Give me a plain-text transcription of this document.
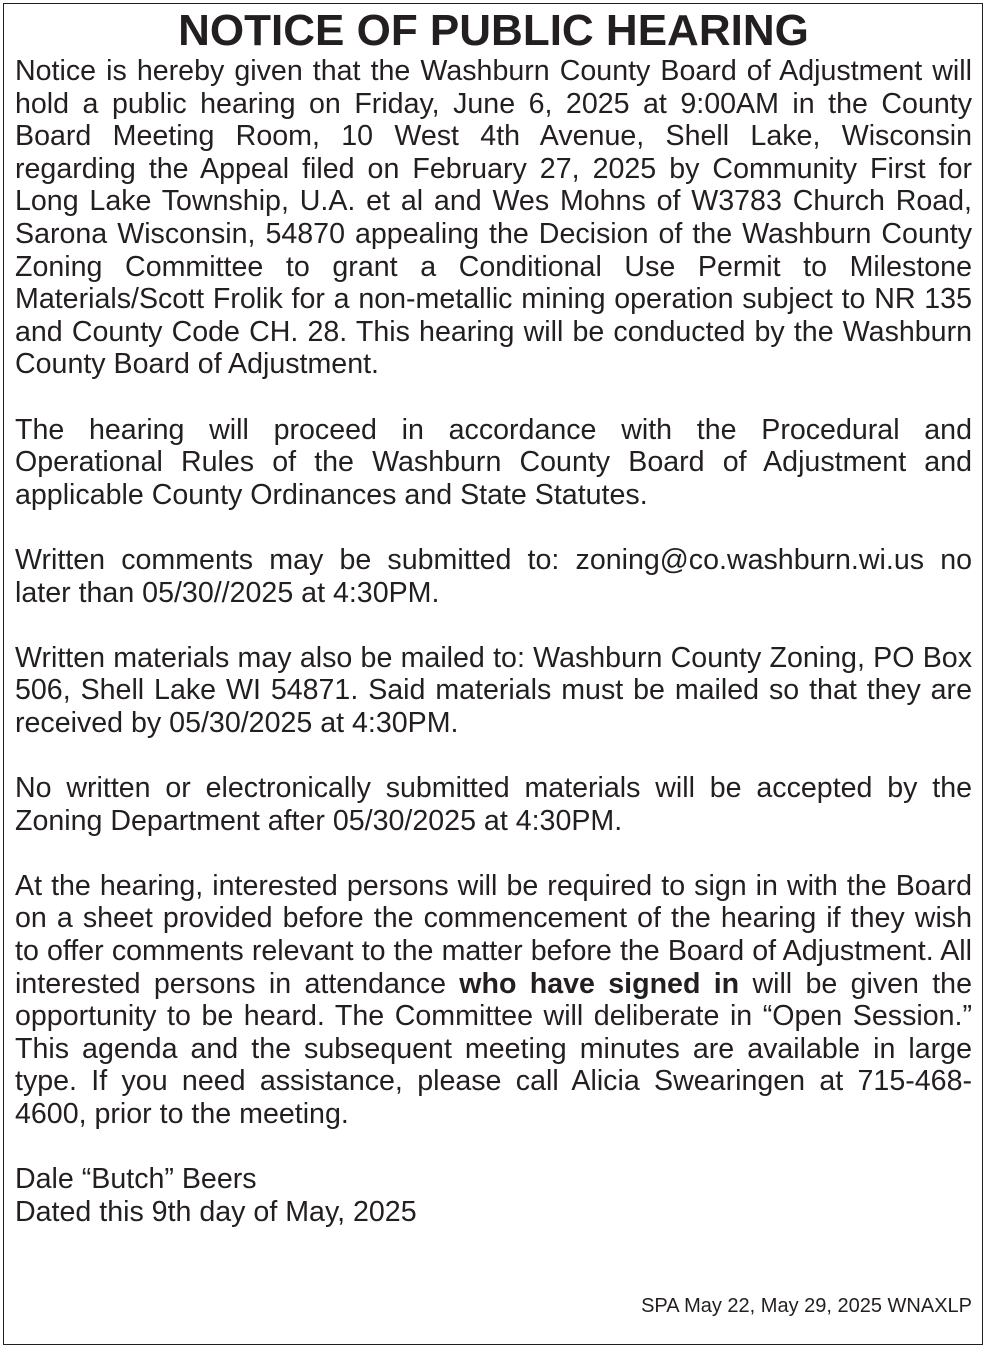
NOTICE OF PUBLIC HEARING

Notice is hereby given that the Washburn County Board of Adjustment will hold a public hearing on Friday, June 6, 2025 at 9:00AM in the County Board Meeting Room, 10 West 4th Avenue, Shell Lake, Wisconsin regarding the Appeal filed on February 27, 2025 by Community First for Long Lake Township, U.A. et al and Wes Mohns of W3783 Church Road, Sarona Wisconsin, 54870 appealing the Decision of the Washburn County Zoning Committee to grant a Conditional Use Permit to Milestone Materials/Scott Frolik for a non-metallic mining operation subject to NR 135 and County Code CH. 28. This hearing will be conducted by the Washburn County Board of Adjustment.

The hearing will proceed in accordance with the Procedural and Operational Rules of the Washburn County Board of Adjustment and applicable County Ordinances and State Statutes.

Written comments may be submitted to: zoning@co.washburn.wi.us no later than 05/30//2025 at 4:30PM.

Written materials may also be mailed to: Washburn County Zoning, PO Box 506, Shell Lake WI 54871. Said materials must be mailed so that they are received by 05/30/2025 at 4:30PM.

No written or electronically submitted materials will be accepted by the Zoning Department after 05/30/2025 at 4:30PM.

At the hearing, interested persons will be required to sign in with the Board on a sheet provided before the commencement of the hearing if they wish to offer comments relevant to the matter before the Board of Adjustment. All interested persons in attendance who have signed in will be given the opportunity to be heard. The Committee will deliberate in “Open Session.” This agenda and the subsequent meeting minutes are available in large type. If you need assistance, please call Alicia Swearingen at 715-468-4600, prior to the meeting.

Dale “Butch” Beers
Dated this 9th day of May, 2025
SPA May 22, May 29, 2025 WNAXLP
